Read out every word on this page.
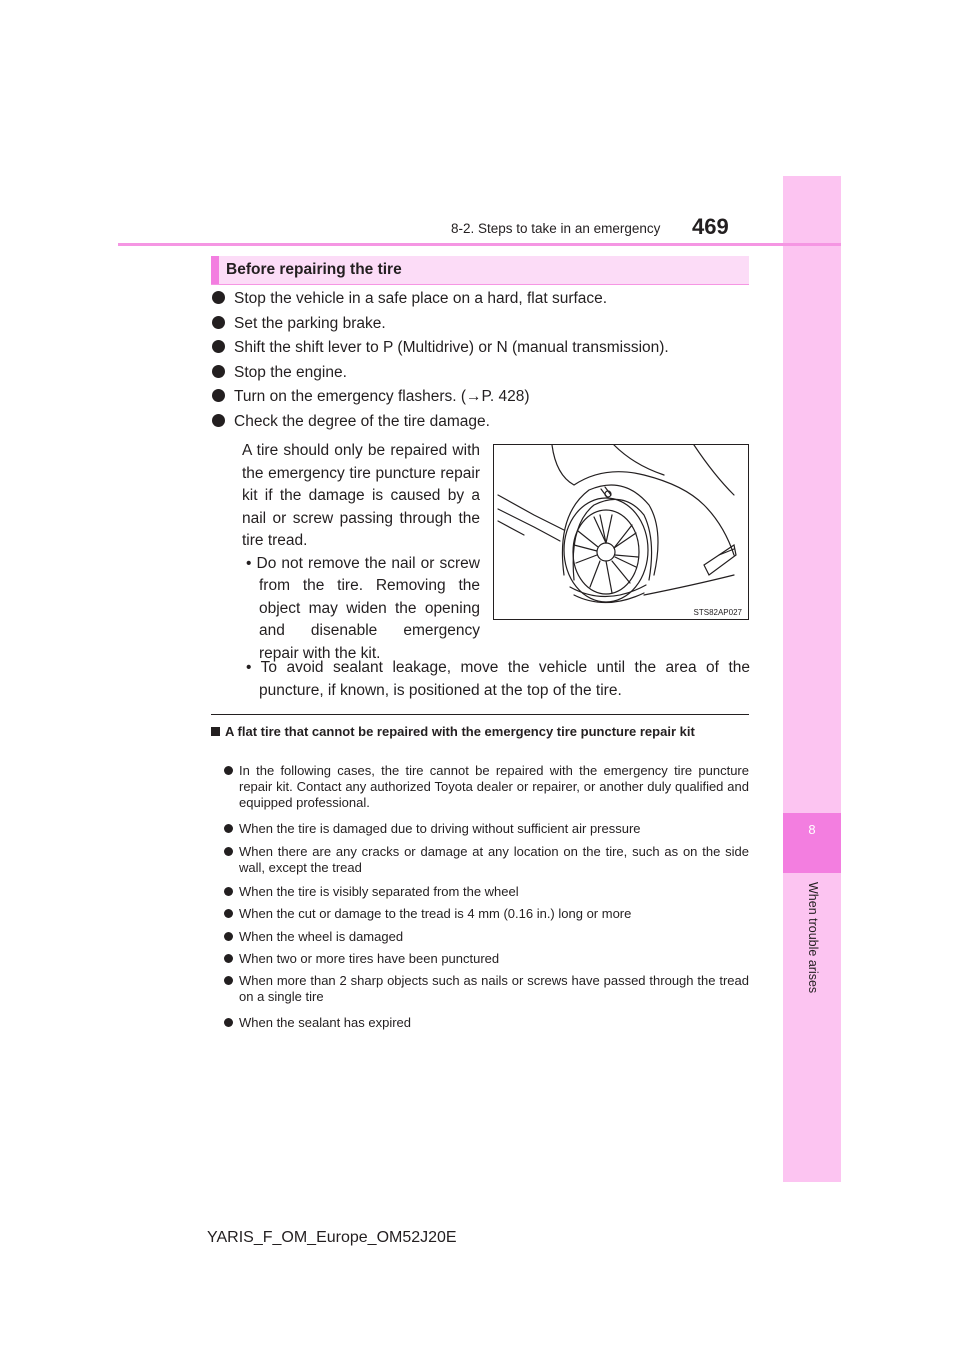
8
When trouble arises
8-2. Steps to take in an emergency	469
Before repairing the tire
Stop the vehicle in a safe place on a hard, flat surface.
Set the parking brake.
Shift the shift lever to P (Multidrive) or N (manual transmission).
Stop the engine.
Turn on the emergency flashers. (→P. 428)
Check the degree of the tire damage.
A tire should only be repaired with the emergency tire puncture repair kit if the damage is caused by a nail or screw passing through the tire tread.
• Do not remove the nail or screw from the tire. Removing the object may widen the opening and disenable emergency repair with the kit.
• To avoid sealant leakage, move the vehicle until the area of the puncture, if known, is positioned at the top of the tire.
STS82AP027
A flat tire that cannot be repaired with the emergency tire puncture repair kit
In the following cases, the tire cannot be repaired with the emergency tire puncture repair kit. Contact any authorized Toyota dealer or repairer, or another duly qualified and equipped professional.
When the tire is damaged due to driving without sufficient air pressure
When there are any cracks or damage at any location on the tire, such as on the side wall, except the tread
When the tire is visibly separated from the wheel
When the cut or damage to the tread is 4 mm (0.16 in.) long or more
When the wheel is damaged
When two or more tires have been punctured
When more than 2 sharp objects such as nails or screws have passed through the tread on a single tire
When the sealant has expired
YARIS_F_OM_Europe_OM52J20E
